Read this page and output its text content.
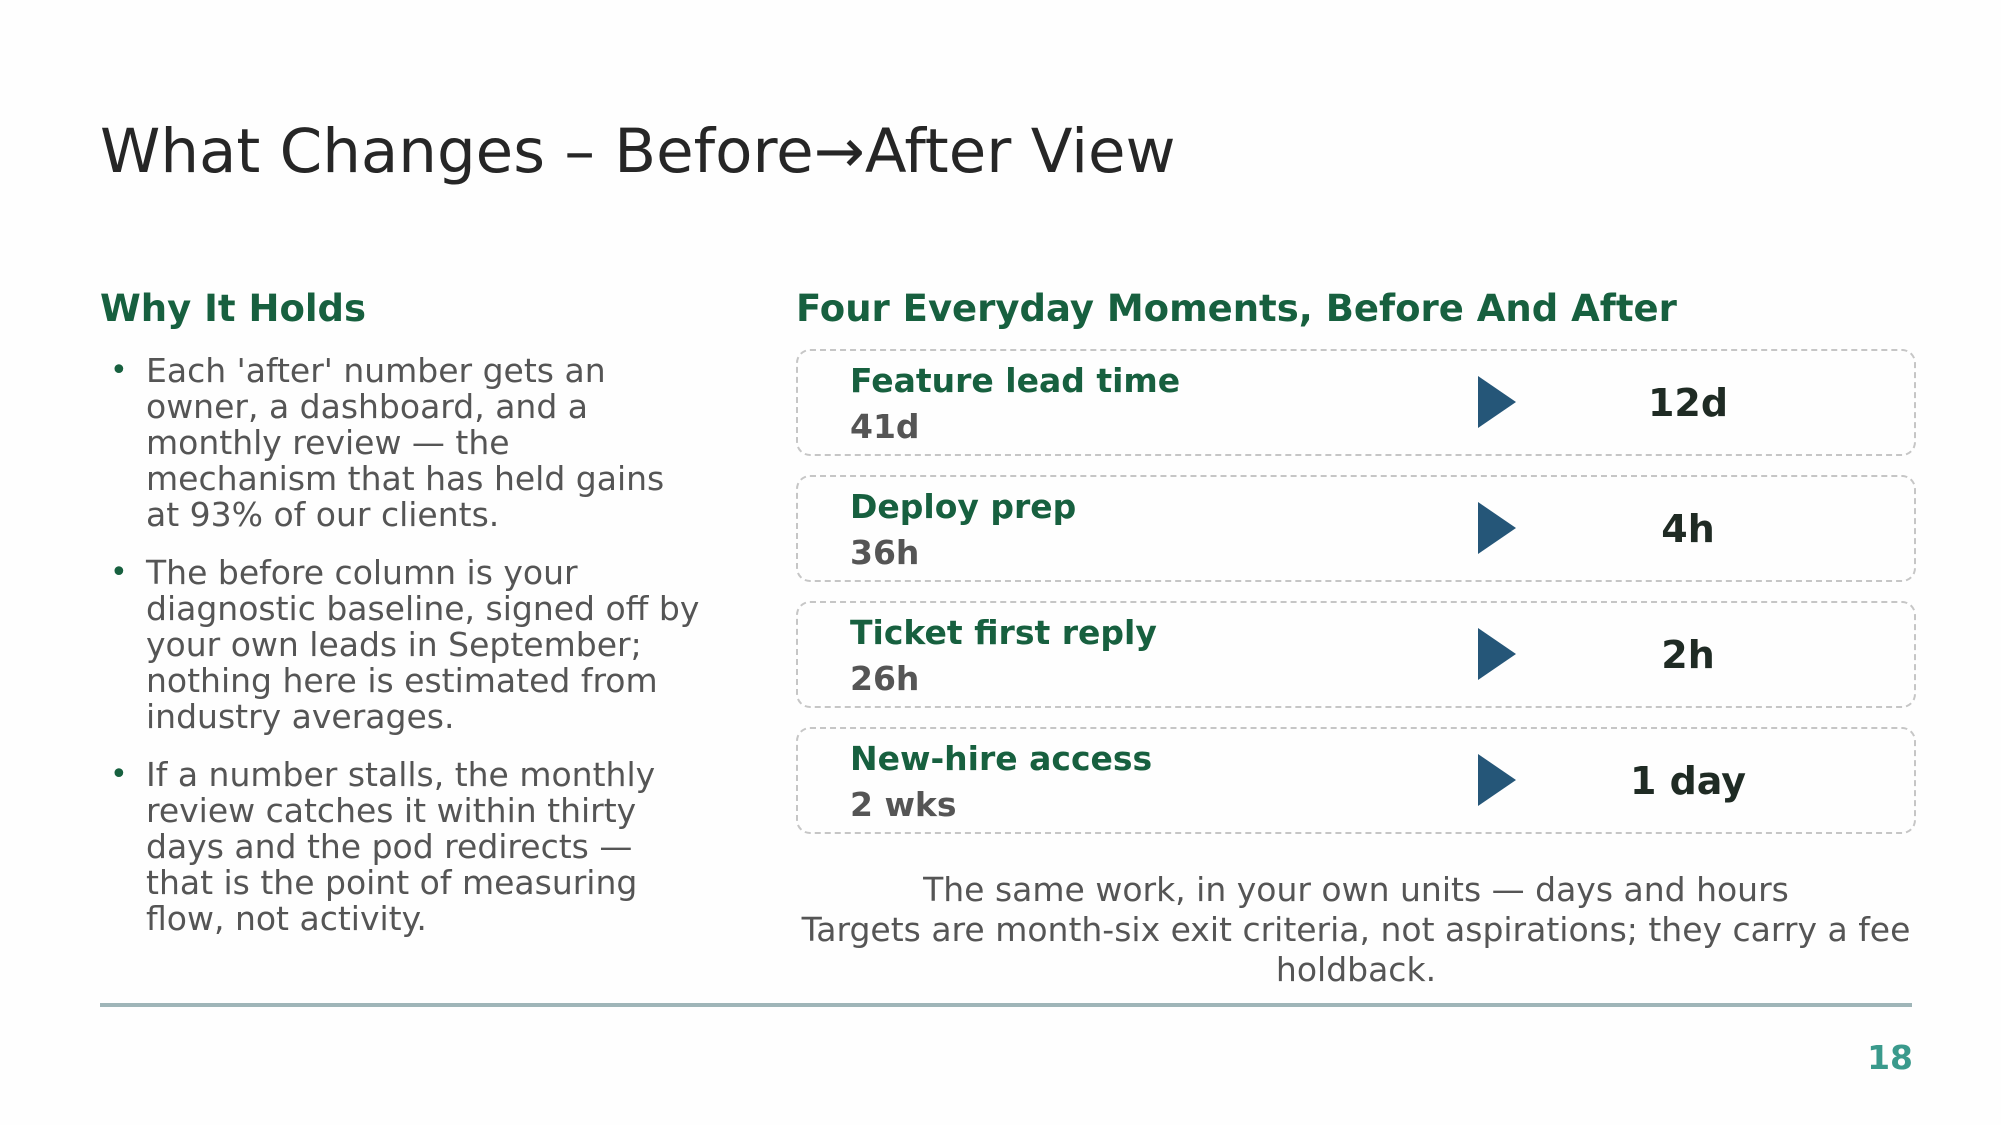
What Changes – Before→After View
Why It Holds
• Each 'after' number gets an owner, a dashboard, and a monthly review — the mechanism that has held gains at 93% of our clients.
• The before column is your diagnostic baseline, signed off by your own leads in September; nothing here is estimated from industry averages.
• If a number stalls, the monthly review catches it within thirty days and the pod redirects — that is the point of measuring flow, not activity.
Four Everyday Moments, Before And After
Feature lead time
41d
12d
Deploy prep
36h
4h
Ticket first reply
26h
2h
New-hire access
2 wks
1 day
The same work, in your own units — days and hours
Targets are month-six exit criteria, not aspirations; they carry a fee holdback.
18
